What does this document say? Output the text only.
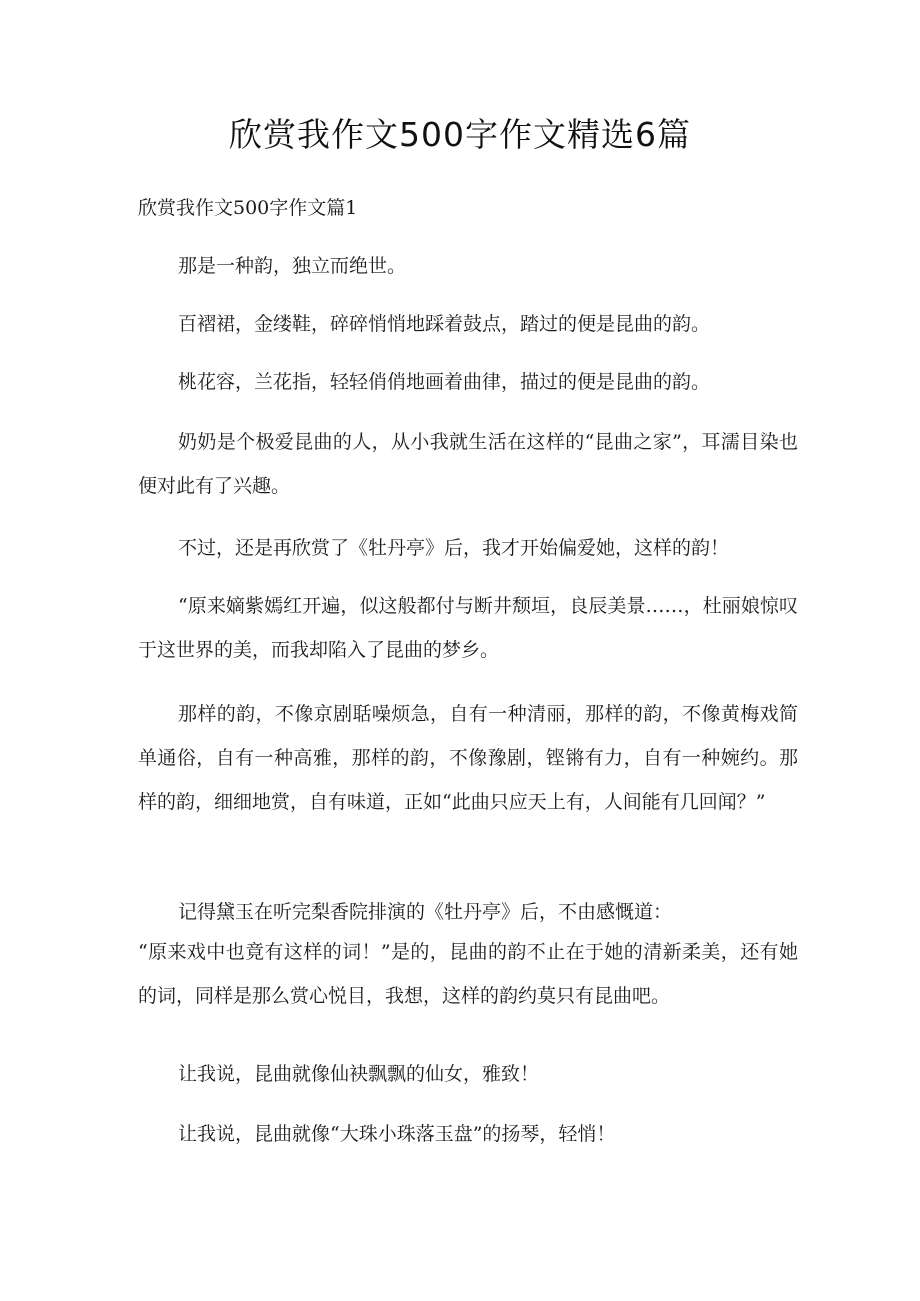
欣赏我作文500字作文精选6篇

欣赏我作文500字作文篇1

那是一种韵，独立而绝世。

百褶裙，金缕鞋，碎碎悄悄地踩着鼓点，踏过的便是昆曲的韵。

桃花容，兰花指，轻轻俏俏地画着曲律，描过的便是昆曲的韵。

奶奶是个极爱昆曲的人，从小我就生活在这样的“昆曲之家”，耳濡目染也便对此有了兴趣。

不过，还是再欣赏了《牡丹亭》后，我才开始偏爱她，这样的韵！

“原来嫡紫嫣红开遍，似这般都付与断井颓垣，良辰美景……，杜丽娘惊叹于这世界的美，而我却陷入了昆曲的梦乡。

那样的韵，不像京剧聒噪烦急，自有一种清丽，那样的韵，不像黄梅戏简单通俗，自有一种高雅，那样的韵，不像豫剧，铿锵有力，自有一种婉约。那样的韵，细细地赏，自有味道，正如“此曲只应天上有，人间能有几回闻？”

记得黛玉在听完梨香院排演的《牡丹亭》后，不由感慨道：

“原来戏中也竟有这样的词！”是的，昆曲的韵不止在于她的清新柔美，还有她的词，同样是那么赏心悦目，我想，这样的韵约莫只有昆曲吧。

让我说，昆曲就像仙袂飘飘的仙女，雅致！

让我说，昆曲就像“大珠小珠落玉盘”的扬琴，轻悄！
